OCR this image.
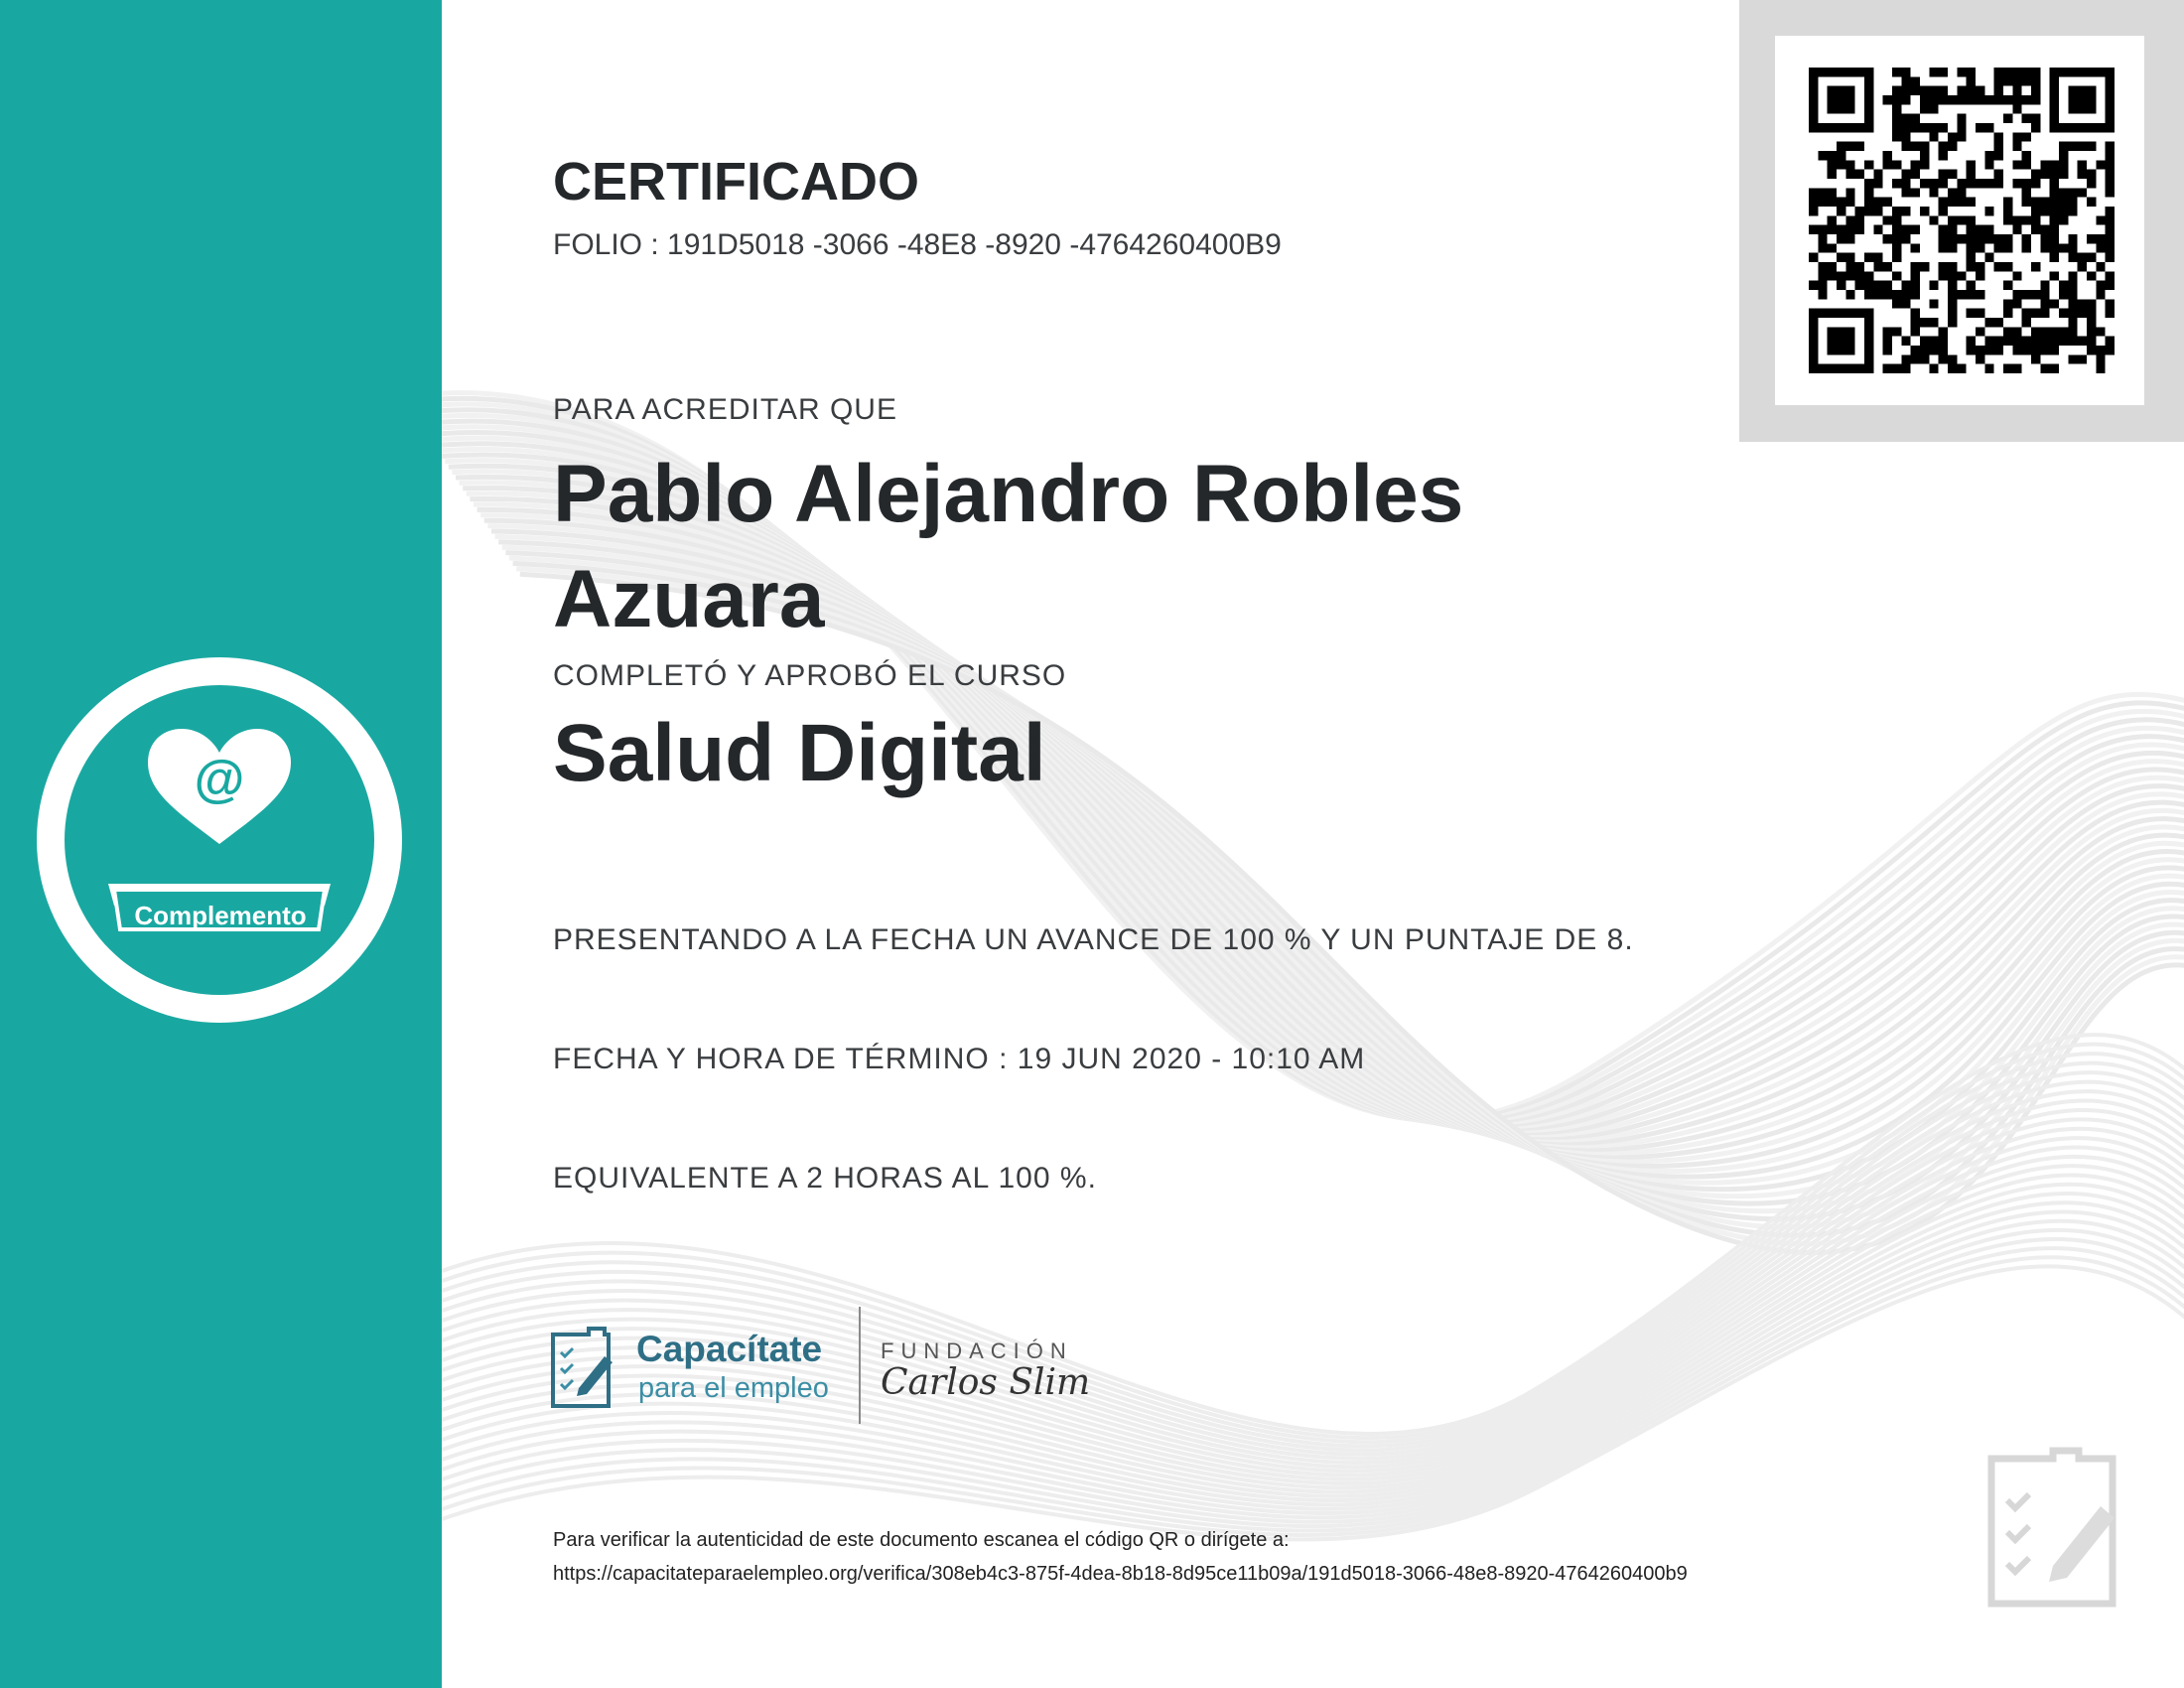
@
Complemento
CERTIFICADO
FOLIO : 191D5018 -3066 -48E8 -8920 -4764260400B9
PARA ACREDITAR QUE
Pablo Alejandro Robles Azuara
COMPLETÓ Y APROBÓ EL CURSO
Salud Digital
PRESENTANDO A LA FECHA UN AVANCE DE 100 % Y UN PUNTAJE DE 8.
FECHA Y HORA DE TÉRMINO : 19 JUN 2020 - 10:10 AM
EQUIVALENTE A 2 HORAS AL 100 %.
Capacítate
para el empleo
FUNDACIÓN
Carlos Slim
Para verificar la autenticidad de este documento escanea el código QR o dirígete a:
https://capacitateparaelempleo.org/verifica/308eb4c3-875f-4dea-8b18-8d95ce11b09a/191d5018-3066-48e8-8920-4764260400b9
